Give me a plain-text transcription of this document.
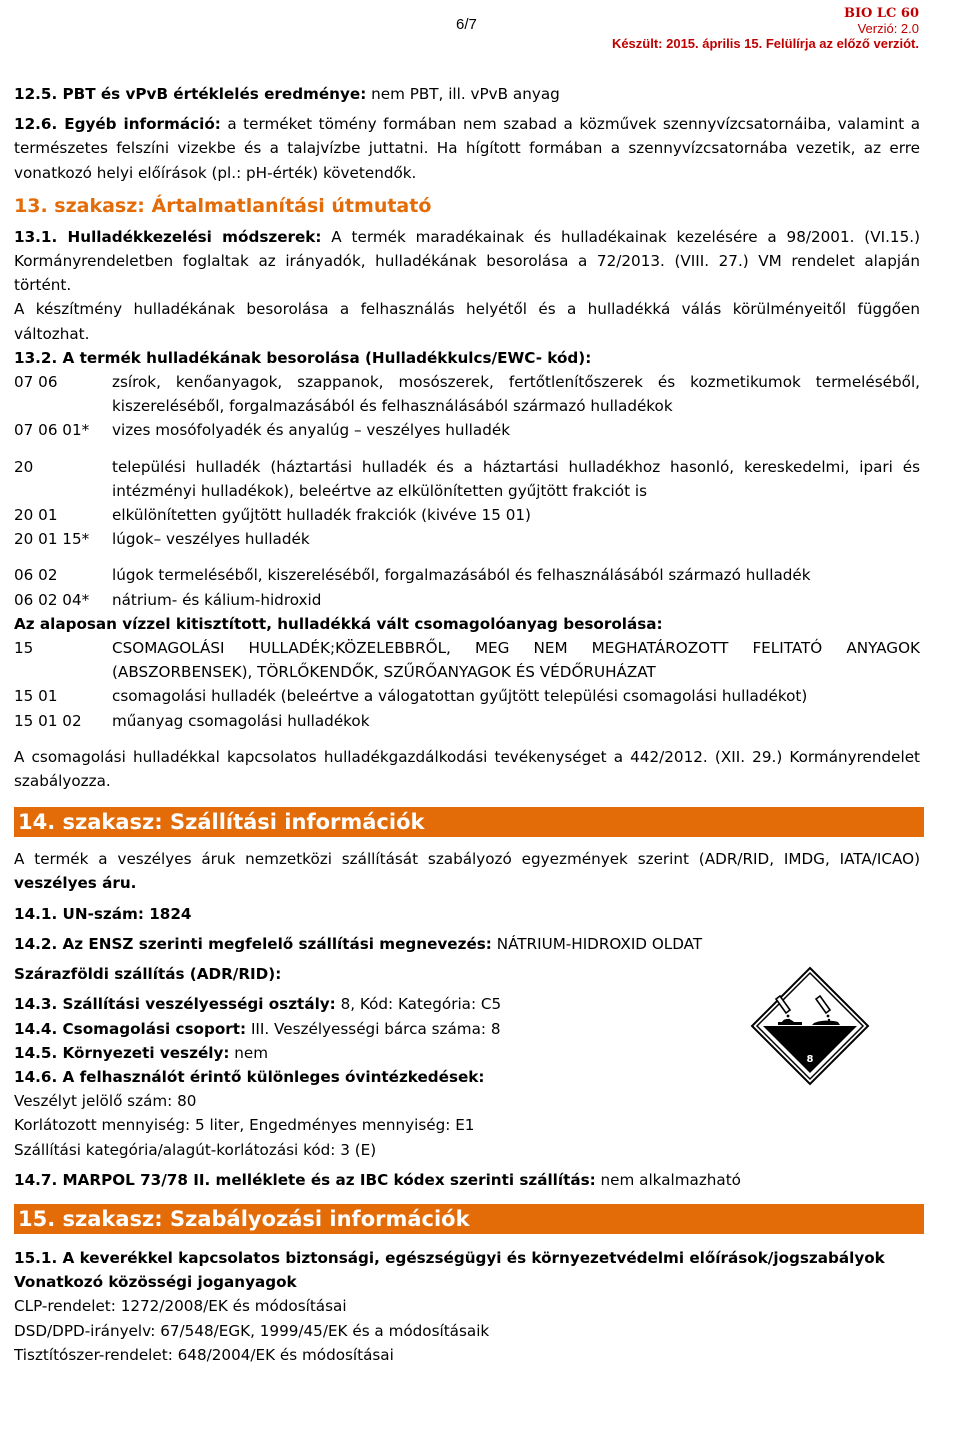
6/7
BIO LC 60
Verzió: 2.0
Készült: 2015. április 15. Felülírja az előző verziót.

12.5. PBT és vPvB értéklelés eredménye: nem PBT, ill. vPvB anyag

12.6. Egyéb információ: a terméket tömény formában nem szabad a közművek szennyvízcsatornáiba, valamint a természetes felszíni vizekbe és a talajvízbe juttatni. Ha hígított formában a szennyvízcsatornába vezetik, az erre vonatkozó helyi előírások (pl.: pH-érték) követendők.

13. szakasz: Ártalmatlanítási útmutató

13.1. Hulladékkezelési módszerek: A termék maradékainak és hulladékainak kezelésére a 98/2001. (VI.15.) Kormányrendeletben foglaltak az irányadók, hulladékának besorolása a 72/2013. (VIII. 27.) VM rendelet alapján történt.

A készítmény hulladékának besorolása a felhasználás helyétől és a hulladékká válás körülményeitől függően változhat.

13.2. A termék hulladékának besorolása (Hulladékkulcs/EWC- kód):

07 06	zsírok, kenőanyagok, szappanok, mosószerek, fertőtlenítőszerek és kozmetikumok termeléséből, kiszereléséből, forgalmazásából és felhasználásából származó hulladékok
07 06 01*	vizes mosófolyadék és anyalúg – veszélyes hulladék
20	települési hulladék (háztartási hulladék és a háztartási hulladékhoz hasonló, kereskedelmi, ipari és intézményi hulladékok), beleértve az elkülönítetten gyűjtött frakciót is
20 01	elkülönítetten gyűjtött hulladék frakciók (kivéve 15 01)
20 01 15*	lúgok– veszélyes hulladék
06 02	lúgok termeléséből, kiszereléséből, forgalmazásából és felhasználásából származó hulladék
06 02 04*	nátrium- és kálium-hidroxid

Az alaposan vízzel kitisztított, hulladékká vált csomagolóanyag besorolása:

15	CSOMAGOLÁSI HULLADÉK;KÖZELEBBRŐL, MEG NEM MEGHATÁROZOTT FELITATÓ ANYAGOK (ABSZORBENSEK), TÖRLŐKENDŐK, SZŰRŐANYAGOK ÉS VÉDŐRUHÁZAT
15 01	csomagolási hulladék (beleértve a válogatottan gyűjtött települési csomagolási hulladékot)
15 01 02	műanyag csomagolási hulladékok

A csomagolási hulladékkal kapcsolatos hulladékgazdálkodási tevékenységet a 442/2012. (XII. 29.) Kormányrendelet szabályozza.

14. szakasz: Szállítási információk

A termék a veszélyes áruk nemzetközi szállítását szabályozó egyezmények szerint (ADR/RID, IMDG, IATA/ICAO) veszélyes áru.

14.1. UN-szám: 1824

14.2. Az ENSZ szerinti megfelelő szállítási megnevezés: NÁTRIUM-HIDROXID OLDAT

Szárazföldi szállítás (ADR/RID):

14.3. Szállítási veszélyességi osztály: 8, Kód: Kategória: C5

14.4. Csomagolási csoport: III. Veszélyességi bárca száma: 8

14.5. Környezeti veszély: nem

14.6. A felhasználót érintő különleges óvintézkedések:

8

Veszélyt jelölő szám: 80

Korlátozott mennyiség: 5 liter, Engedményes mennyiség: E1

Szállítási kategória/alagút-korlátozási kód: 3 (E)

14.7. MARPOL 73/78 II. melléklete és az IBC kódex szerinti szállítás: nem alkalmazható

15. szakasz: Szabályozási információk

15.1. A keverékkel kapcsolatos biztonsági, egészségügyi és környezetvédelmi előírások/jogszabályok

Vonatkozó közösségi joganyagok

CLP-rendelet: 1272/2008/EK és módosításai

DSD/DPD-irányelv: 67/548/EGK, 1999/45/EK és a módosításaik

Tisztítószer-rendelet: 648/2004/EK és módosításai
